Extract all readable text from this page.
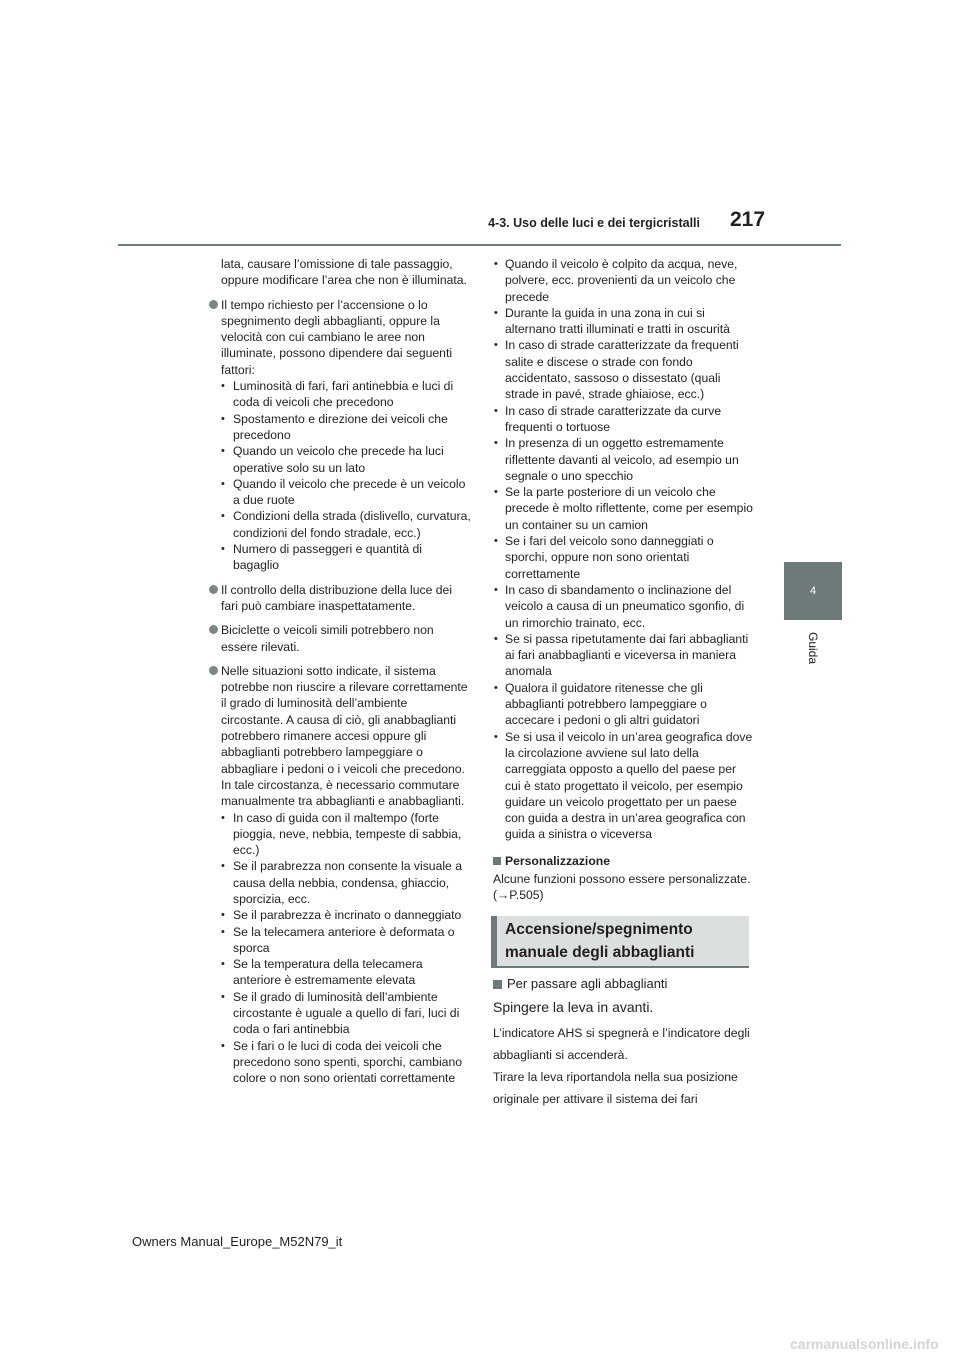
4-3. Uso delle luci e dei tergicristalli 217
4
Guida

lata, causare l’omissione di tale passaggio, oppure modificare l’area che non è illuminata.

Il tempo richiesto per l’accensione o lo spegnimento degli abbaglianti, oppure la velocità con cui cambiano le aree non illuminate, possono dipendere dai seguenti fattori:

• Luminosità di fari, fari antinebbia e luci di coda di veicoli che precedono
• Spostamento e direzione dei veicoli che precedono
• Quando un veicolo che precede ha luci operative solo su un lato
• Quando il veicolo che precede è un veicolo a due ruote
• Condizioni della strada (dislivello, curvatura, condizioni del fondo stradale, ecc.)
• Numero di passeggeri e quantità di bagaglio

Il controllo della distribuzione della luce dei fari può cambiare inaspettatamente.

Biciclette o veicoli simili potrebbero non essere rilevati.

Nelle situazioni sotto indicate, il sistema potrebbe non riuscire a rilevare correttamente il grado di luminosità dell’ambiente circostante. A causa di ciò, gli anabbaglianti potrebbero rimanere accesi oppure gli abbaglianti potrebbero lampeggiare o abbagliare i pedoni o i veicoli che precedono. In tale circostanza, è necessario commutare manualmente tra abbaglianti e anabbaglianti.

• In caso di guida con il maltempo (forte pioggia, neve, nebbia, tempeste di sabbia, ecc.)
• Se il parabrezza non consente la visuale a causa della nebbia, condensa, ghiaccio, sporcizia, ecc.
• Se il parabrezza è incrinato o danneggiato
• Se la telecamera anteriore è deformata o sporca
• Se la temperatura della telecamera anteriore è estremamente elevata
• Se il grado di luminosità dell’ambiente circostante è uguale a quello di fari, luci di coda o fari antinebbia
• Se i fari o le luci di coda dei veicoli che precedono sono spenti, sporchi, cambiano colore o non sono orientati correttamente
• Quando il veicolo è colpito da acqua, neve, polvere, ecc. provenienti da un veicolo che precede
• Durante la guida in una zona in cui si alternano tratti illuminati e tratti in oscurità
• In caso di strade caratterizzate da frequenti salite e discese o strade con fondo accidentato, sassoso o dissestato (quali strade in pavé, strade ghiaiose, ecc.)
• In caso di strade caratterizzate da curve frequenti o tortuose
• In presenza di un oggetto estremamente riflettente davanti al veicolo, ad esempio un segnale o uno specchio
• Se la parte posteriore di un veicolo che precede è molto riflettente, come per esempio un container su un camion
• Se i fari del veicolo sono danneggiati o sporchi, oppure non sono orientati correttamente
• In caso di sbandamento o inclinazione del veicolo a causa di un pneumatico sgonfio, di un rimorchio trainato, ecc.
• Se si passa ripetutamente dai fari abbaglianti ai fari anabbaglianti e viceversa in maniera anomala
• Qualora il guidatore ritenesse che gli abbaglianti potrebbero lampeggiare o accecare i pedoni o gli altri guidatori
• Se si usa il veicolo in un’area geografica dove la circolazione avviene sul lato della carreggiata opposto a quello del paese per cui è stato progettato il veicolo, per esempio guidare un veicolo progettato per un paese con guida a destra in un’area geografica con guida a sinistra o viceversa
Personalizzazione

Alcune funzioni possono essere personalizzate. (→P.505)

Accensione/spegnimento manuale degli abbaglianti
Per passare agli abbaglianti
Spingere la leva in avanti.
L’indicatore AHS si spegnerà e l’indicatore degli abbaglianti si accenderà.
Tirare la leva riportandola nella sua posizione originale per attivare il sistema dei fari
Owners Manual_Europe_M52N79_it
carmanualsonline.info
